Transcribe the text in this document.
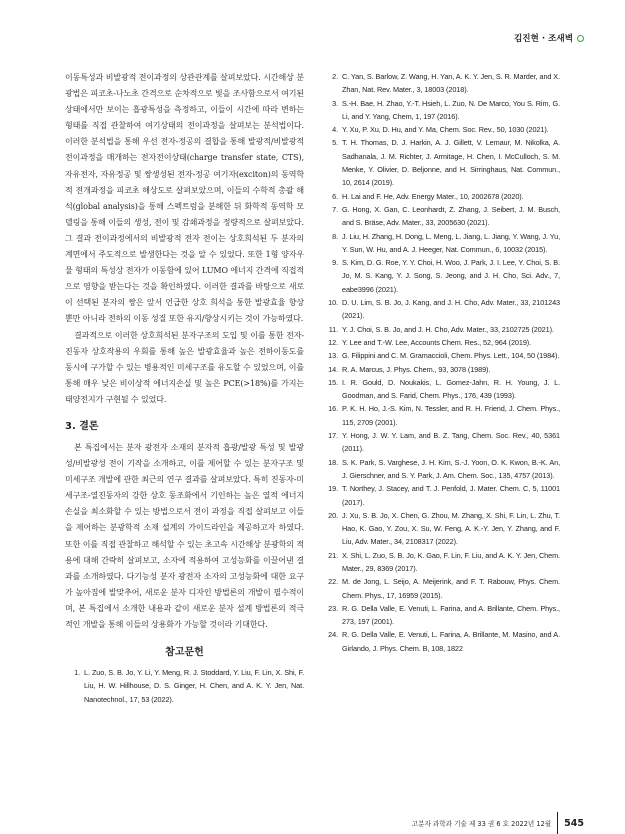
김진현 · 조새벽

이동특성과 비발광적 전이과정의 상관관계를 살펴보았다. 시간해상 분광법은 피코초-나노초 간격으로 순차적으로 빛을 조사함으로서 여기된 상태에서만 보이는 흡광특성을 측정하고, 이들이 시간에 따라 변하는 형태를 직접 관찰하여 여기상태의 전이과정을 살펴보는 분석법이다. 이러한 분석법을 통해 우선 전자-정공의 결합을 통해 발광적/비발광적 전이과정을 매개하는 전자전이상태(charge transfer state, CTS), 자유전자, 자유정공 및 쌍생성된 전자-정공 여기자(exciton)의 동역학적 전개과정을 피코초 해상도로 살펴보았으며, 이들의 수학적 총괄 해석(global analysis)을 통해 스펙트럼을 분해한 뒤 화학적 동역학 모델링을 통해 이들의 생성, 전이 및 감쇄과정을 정량적으로 살펴보았다. 그 결과 전이과정에서의 비발광적 전자 전이는 상호희석된 두 분자의 계면에서 주도적으로 발생한다는 것을 알 수 있었다. 또한 1형 양자우물 형태의 특성상 전자가 이동함에 있어 LUMO 에너지 간격에 직접적으로 영향을 받는다는 것을 확인하였다. 이러한 결과를 바탕으로 새로이 선택된 분자의 쌍은 앞서 언급한 상호 희석을 통한 발광효율 향상 뿐만 아니라 전하의 이동 성질 또한 유지/향상시키는 것이 가능하였다.

결과적으로 이러한 상호희석된 분자구조의 도입 및 이를 통한 전자-진동자 상호작용의 우회를 통해 높은 발광효율과 높은 전하이동도를 동시에 구가할 수 있는 병용적인 미세구조를 유도할 수 있었으며, 이를 통해 매우 낮은 비이상적 에너지손실 및 높은 PCE(>18%)를 가지는 태양전지가 구현될 수 있었다.

3. 결론

본 특집에서는 분자 광전자 소재의 분자적 흡광/발광 특성 및 발광성/비발광성 전이 기작을 소개하고, 이를 제어할 수 있는 분자구조 및 미세구조 개발에 관한 최근의 연구 결과를 살펴보았다. 특히 진동자-미세구조-열진동자의 강한 상호 동조화에서 기인하는 높은 열적 에너지 손실을 최소화할 수 있는 방법으로서 전이 과정을 직접 살펴보고 이들을 제어하는 분광학적 소재 설계의 가이드라인을 제공하고자 하였다. 또한 이를 직접 관찰하고 해석할 수 있는 초고속 시간해상 분광학의 적용에 대해 간략히 살펴보고, 소자에 적용하여 고성능화를 이끌어낸 결과를 소개하였다. 다기능성 분자 광전자 소자의 고성능화에 대한 요구가 높아짐에 발맞추어, 새로운 분자 디자인 방법론의 개발이 필수적이며, 본 특집에서 소개한 내용과 같이 새로운 분자 설계 방법론의 적극적인 개발을 통해 이들의 상용화가 가능할 것이라 기대한다.

참고문헌
1. L. Zuo, S. B. Jo, Y. Li, Y. Meng, R. J. Stoddard, Y. Liu, F. Lin, X. Shi, F. Liu, H. W. Hillhouse, D. S. Ginger, H. Chen, and A. K. Y. Jen, Nat. Nanotechnol., 17, 53 (2022).
2. C. Yan, S. Barlow, Z. Wang, H. Yan, A. K. Y. Jen, S. R. Marder, and X. Zhan, Nat. Rev. Mater., 3, 18003 (2018).
3. S.-H. Bae, H. Zhao, Y.-T. Hsieh, L. Zuo, N. De Marco, You S. Rim, G. Li, and Y. Yang, Chem, 1, 197 (2016).
4. Y. Xu, P. Xu, D. Hu, and Y. Ma, Chem. Soc. Rev., 50, 1030 (2021).
5. T. H. Thomas, D. J. Harkin, A. J. Gillett, V. Lemaur, M. Nikolka, A. Sadhanala, J. M. Richter, J. Armitage, H. Chen, I. McCulloch, S. M. Menke, Y. Olivier, D. Beljonne, and H. Sirringhaus, Nat. Commun., 10, 2614 (2019).
6. H. Lai and F. He, Adv. Energy Mater., 10, 2002678 (2020).
7. G. Hong, X. Gan, C. Leonhardt, Z. Zhang, J. Seibert, J. M. Busch, and S. Bräse, Adv. Mater., 33, 2005630 (2021).
8. J. Liu, H. Zhang, H. Dong, L. Meng, L. Jiang, L. Jiang, Y. Wang, J. Yu, Y. Sun, W. Hu, and A. J. Heeger, Nat. Commun., 6, 10032 (2015).
9. S. Kim, D. G. Roe, Y. Y. Choi, H. Woo, J. Park, J. I. Lee, Y. Choi, S. B. Jo, M. S. Kang, Y. J. Song, S. Jeong, and J. H. Cho, Sci. Adv., 7, eabe3996 (2021).
10. D. U. Lim, S. B. Jo, J. Kang, and J. H. Cho, Adv. Mater., 33, 2101243 (2021).
11. Y. J. Choi, S. B. Jo, and J. H. Cho, Adv. Mater., 33, 2102725 (2021).
12. Y. Lee and T.-W. Lee, Accounts Chem. Res., 52, 964 (2019).
13. G. Filippini and C. M. Gramaccioli, Chem. Phys. Lett., 104, 50 (1984).
14. R. A. Marcus, J. Phys. Chem., 93, 3078 (1989).
15. I. R. Gould, D. Noukakis, L. Gomez-Jahn, R. H. Young, J. L. Goodman, and S. Farid, Chem. Phys., 176, 439 (1993).
16. P. K. H. Ho, J.-S. Kim, N. Tessler, and R. H. Friend, J. Chem. Phys., 115, 2709 (2001).
17. Y. Hong, J. W. Y. Lam, and B. Z. Tang, Chem. Soc. Rev., 40, 5361 (2011).
18. S. K. Park, S. Varghese, J. H. Kim, S.-J. Yoon, O. K. Kwon, B.-K. An, J. Gierschner, and S. Y. Park, J. Am. Chem. Soc., 135, 4757 (2013).
19. T. Northey, J. Stacey, and T. J. Penfold, J. Mater. Chem. C, 5, 11001 (2017).
20. J. Xu, S. B. Jo, X. Chen, G. Zhou, M. Zhang, X. Shi, F. Lin, L. Zhu, T. Hao, K. Gao, Y. Zou, X. Su, W. Feng, A. K.-Y. Jen, Y. Zhang, and F. Liu, Adv. Mater., 34, 2108317 (2022).
21. X. Shi, L. Zuo, S. B. Jo, K. Gao, F. Lin, F. Liu, and A. K. Y. Jen, Chem. Mater., 29, 8369 (2017).
22. M. de Jong, L. Seijo, A. Meijerink, and F. T. Rabouw, Phys. Chem. Chem. Phys., 17, 16959 (2015).
23. R. G. Della Valle, E. Venuti, L. Farina, and A. Brillante, Chem. Phys., 273, 197 (2001).
24. R. G. Della Valle, E. Venuti, L. Farina, A. Brillante, M. Masino, and A. Girlando, J. Phys. Chem. B, 108, 1822
고분자 과학과 기술 제 33 권 6 호 2022년 12월 545
